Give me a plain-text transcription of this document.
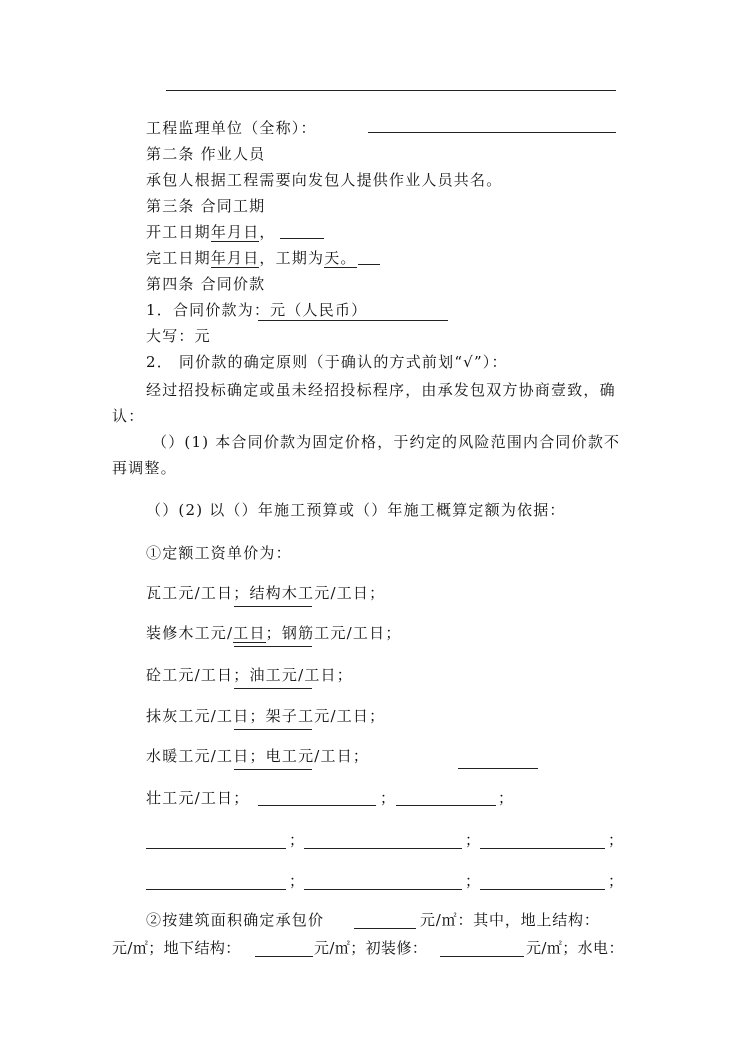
工程监理单位（全称）：
第二条 作业人员
承包人根据工程需要向发包人提供作业人员共名。
第三条 合同工期
开工日期年月日，
完工日期年月日，工期为天。
第四条 合同价款
1．合同价款为：元（人民币）
大写：元
2． 同价款的确定原则（于确认的方式前划“√”）：
经过招投标确定或虽未经招投标程序，由承发包双方协商壹致，确
认：
（）(1) 本合同价款为固定价格，于约定的风险范围内合同价款不
再调整。
（）(2) 以（）年施工预算或（）年施工概算定额为依据：
①定额工资单价为：
瓦工元/工日；结构木工元/工日；
装修木工元/工日；钢筋工元/工日；
砼工元/工日；油工元/工日；
抹灰工元/工日；架子工元/工日；
水暖工元/工日；电工元/工日；
壮工元/工日；	；	；
；	；	；
；	；	；
②按建筑面积确定承包价	元/㎡：其中，地上结构：
元/㎡；地下结构：	元/㎡；初装修：	元/㎡；水电：
